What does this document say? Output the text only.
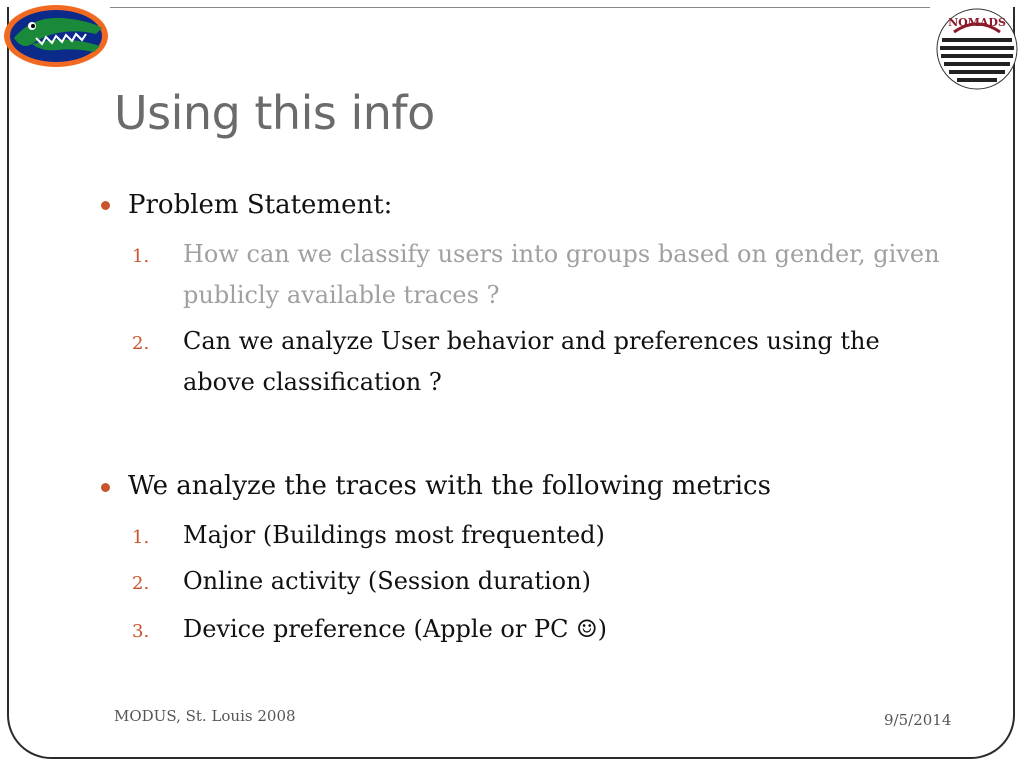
NOMADS
Using this info
Problem Statement:
1. How can we classify users into groups based on gender, given publicly available traces ?
2. Can we analyze User behavior and preferences using the above classification ?
We analyze the traces with the following metrics
1. Major (Buildings most frequented)
2. Online activity (Session duration)
3. Device preference (Apple or PC ☺)
MODUS, St. Louis 2008	9/5/2014
